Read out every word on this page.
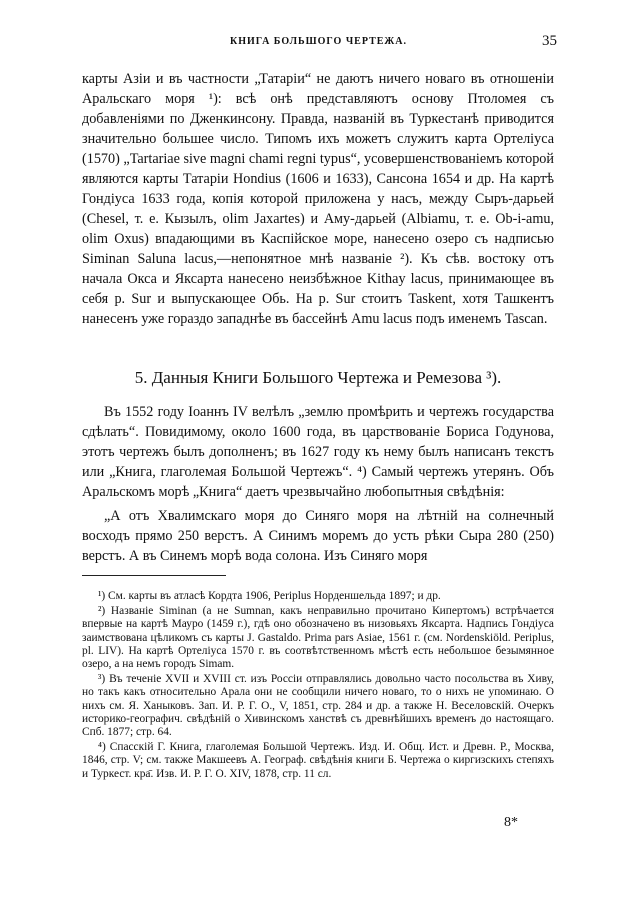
КНИГА БОЛЬШОГО ЧЕРТЕЖА.	35

карты Азіи и въ частности „Татаріи“ не даютъ ничего новаго въ отношеніи Аральскаго моря ¹): всѣ онѣ представляютъ основу Птоломея съ добавленіями по Дженкинсону. Правда, названій въ Туркестанѣ приводится значительно большее число. Типомъ ихъ можетъ служитъ карта Ортеліуса (1570) „Tartariae sive magni chami regni typus“, усовершенствованіемъ которой являются карты Татаріи Hondius (1606 и 1633), Сансона 1654 и др. На картѣ Гондіуса 1633 года, копія которой приложена у насъ, между Сыръ-дарьей (Chesel, т. е. Кызылъ, olim Jaxartes) и Аму-дарьей (Albiamu, т. е. Ob-i-amu, olim Oxus) впадающими въ Каспійское море, нанесено озеро съ надписью Siminan Saluna lacus,—непонятное мнѣ названіе ²). Къ сѣв. востоку отъ начала Окса и Яксарта нанесено неизбѣжное Kithay lacus, принимающее въ себя р. Sur и выпускающее Обь. На р. Sur стоитъ Taskent, хотя Ташкентъ нанесенъ уже гораздо западнѣе въ бассейнѣ Amu lacus подъ именемъ Tascan.

5. Данныя Книги Большого Чертежа и Ремезова ³).

Въ 1552 году Іоаннъ IV велѣлъ „землю промѣрить и чертежъ государства сдѣлать“. Повидимому, около 1600 года, въ царствованіе Бориса Годунова, этотъ чертежъ былъ дополненъ; въ 1627 году къ нему былъ написанъ текстъ или „Книга, глаголемая Большой Чертежъ“. ⁴) Самый чертежъ утерянъ. Объ Аральскомъ морѣ „Книга“ даетъ чрезвычайно любопытныя свѣдѣнія:

„А отъ Хвалимскаго моря до Синяго моря на лѣтній на солнечный восходъ прямо 250 верстъ. А Синимъ моремъ до усть рѣки Сыра 280 (250) верстъ. А въ Синемъ морѣ вода солона. Изъ Синяго моря

¹) См. карты въ атласѣ Кордта 1906, Periplus Норденшельда 1897; и др.

²) Названіе Siminan (а не Sumnan, какъ неправильно прочитано Кипертомъ) встрѣчается впервые на картѣ Мауро (1459 г.), гдѣ оно обозначено въ низовьяхъ Яксарта. Надпись Гондіуса заимствована цѣликомъ съ карты J. Gastaldo. Prima pars Asiae, 1561 г. (см. Nordenskiöld. Periplus, pl. LIV). На картѣ Ортеліуса 1570 г. въ соотвѣтственномъ мѣстѣ есть небольшое безымянное озеро, а на немъ городъ Simam.

³) Въ теченіе XVII и XVIII ст. изъ Россіи отправлялись довольно часто посольства въ Хиву, но такъ какъ относительно Арала они не сообщили ничего новаго, то о нихъ не упоминаю. О нихъ см. Я. Ханыковъ. Зап. И. Р. Г. О., V, 1851, стр. 284 и др. а также Н. Веселовскій. Очеркъ историко-географич. свѣдѣній о Хивинскомъ ханствѣ съ древнѣйшихъ временъ до настоящаго. Спб. 1877; стр. 64.

⁴) Спасскій Г. Книга, глаголемая Большой Чертежъ. Изд. И. Общ. Ист. и Древн. Р., Москва, 1846, стр. V; см. также Макшеевъ А. Географ. свѣдѣнія книги Б. Чертежа о киргизскихъ степяхъ и Туркест. кра̄. Изв. И. Р. Г. О. XIV, 1878, стр. 11 сл.

8*
